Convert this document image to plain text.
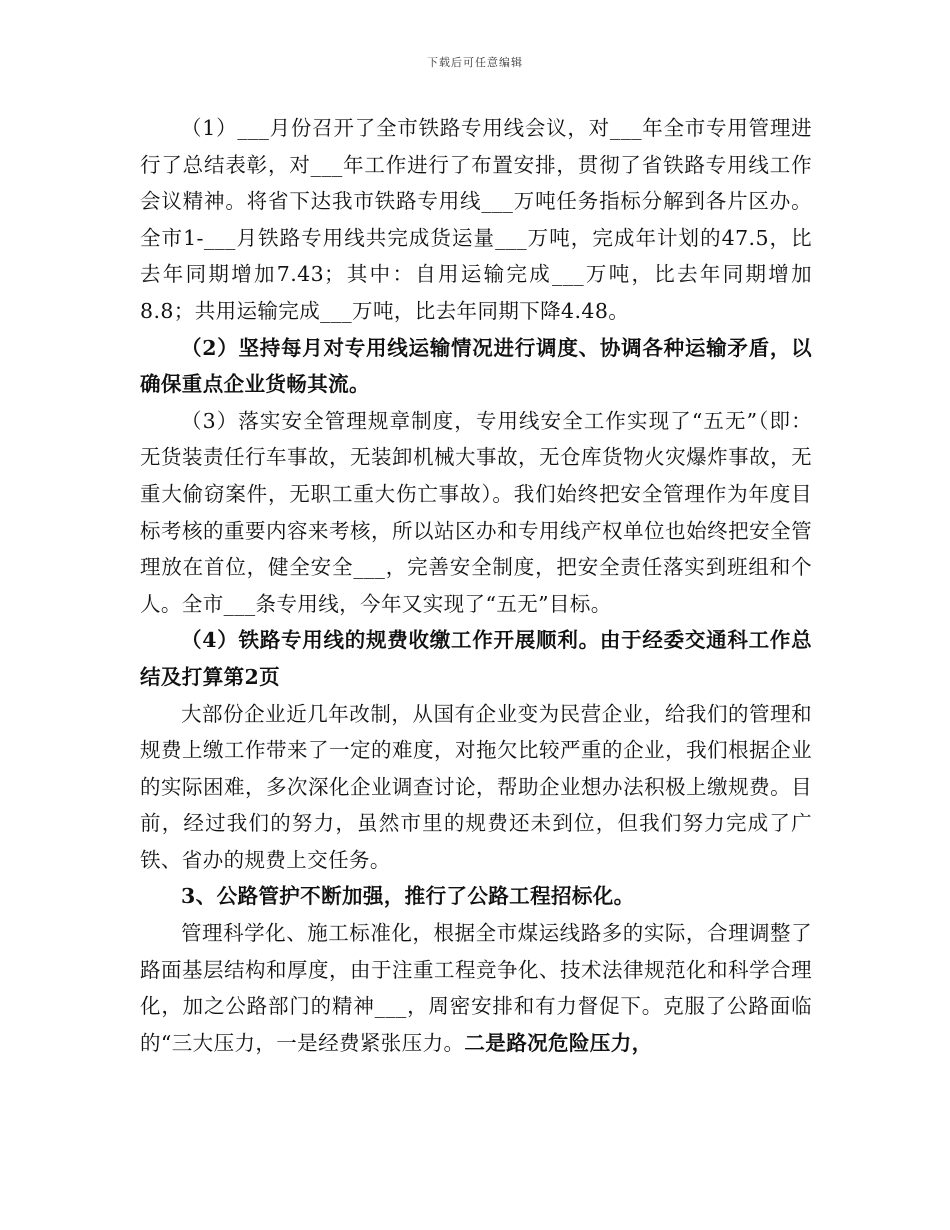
下载后可任意编辑

（1）___月份召开了全市铁路专用线会议，对___年全市专用管理进行了总结表彰，对___年工作进行了布置安排，贯彻了省铁路专用线工作会议精神。将省下达我市铁路专用线___万吨任务指标分解到各片区办。全市1-___月铁路专用线共完成货运量___万吨，完成年计划的47.5，比去年同期增加7.43；其中：自用运输完成___万吨，比去年同期增加8.8；共用运输完成___万吨，比去年同期下降4.48。

（2）坚持每月对专用线运输情况进行调度、协调各种运输矛盾，以确保重点企业货畅其流。

（3）落实安全管理规章制度，专用线安全工作实现了“五无”（即：无货装责任行车事故，无装卸机械大事故，无仓库货物火灾爆炸事故，无重大偷窃案件，无职工重大伤亡事故）。我们始终把安全管理作为年度目标考核的重要内容来考核，所以站区办和专用线产权单位也始终把安全管理放在首位，健全安全___，完善安全制度，把安全责任落实到班组和个人。全市___条专用线，今年又实现了“五无”目标。

（4）铁路专用线的规费收缴工作开展顺利。由于经委交通科工作总结及打算第2页

大部份企业近几年改制，从国有企业变为民营企业，给我们的管理和规费上缴工作带来了一定的难度，对拖欠比较严重的企业，我们根据企业的实际困难，多次深化企业调查讨论，帮助企业想办法积极上缴规费。目前，经过我们的努力，虽然市里的规费还未到位，但我们努力完成了广铁、省办的规费上交任务。

3、公路管护不断加强，推行了公路工程招标化。

管理科学化、施工标准化，根据全市煤运线路多的实际，合理调整了路面基层结构和厚度，由于注重工程竞争化、技术法律规范化和科学合理化，加之公路部门的精神___，周密安排和有力督促下。克服了公路面临的“三大压力，一是经费紧张压力。二是路况危险压力，
